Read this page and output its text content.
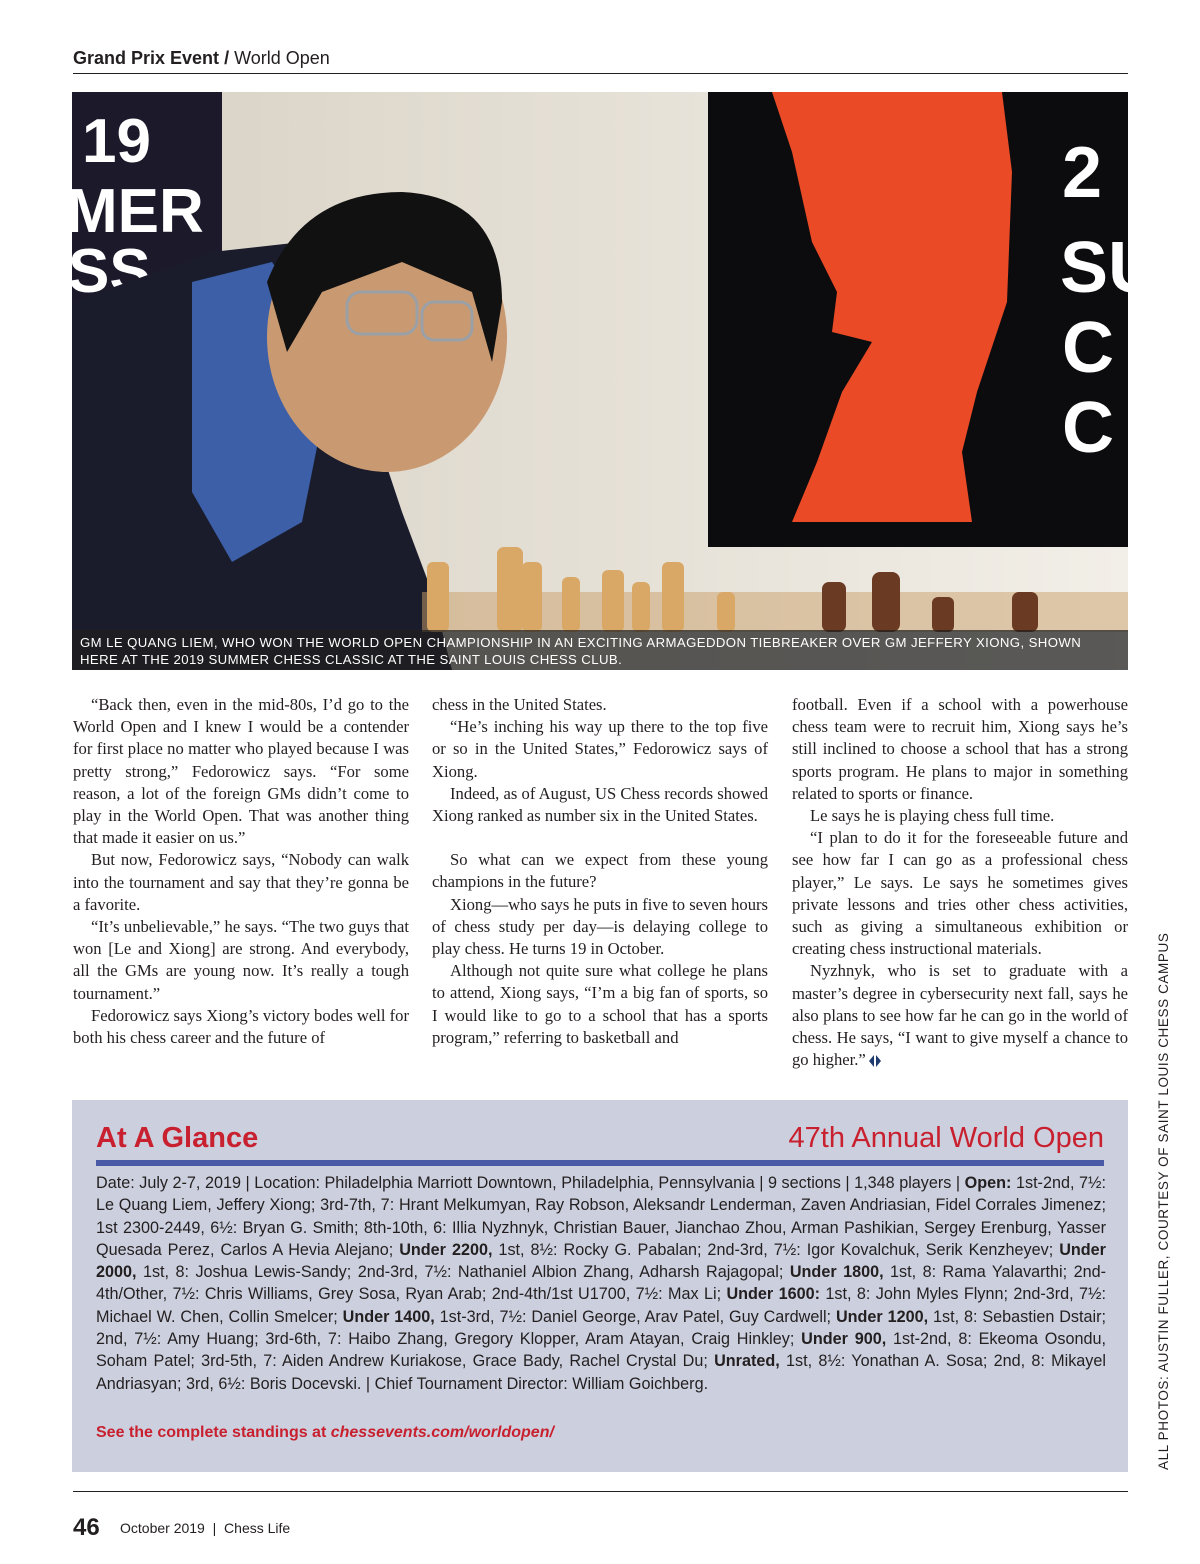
Grand Prix Event / World Open
19
MER
SS
2
SU
C
C
GM LE QUANG LIEM, WHO WON THE WORLD OPEN CHAMPIONSHIP IN AN EXCITING ARMAGEDDON TIEBREAKER OVER GM JEFFERY XIONG, SHOWN HERE AT THE 2019 SUMMER CHESS CLASSIC AT THE SAINT LOUIS CHESS CLUB.

“Back then, even in the mid-80s, I’d go to the World Open and I knew I would be a contender for first place no matter who played because I was pretty strong,” Fedorowicz says. “For some reason, a lot of the foreign GMs didn’t come to play in the World Open. That was another thing that made it easier on us.”

But now, Fedorowicz says, “Nobody can walk into the tournament and say that they’re gonna be a favorite.

“It’s unbelievable,” he says. “The two guys that won [Le and Xiong] are strong. And everybody, all the GMs are young now. It’s really a tough tournament.”

Fedorowicz says Xiong’s victory bodes well for both his chess career and the future of

chess in the United States.

“He’s inching his way up there to the top five or so in the United States,” Fedorowicz says of Xiong.

Indeed, as of August, US Chess records showed Xiong ranked as number six in the United States.

So what can we expect from these young champions in the future?

Xiong—who says he puts in five to seven hours of chess study per day—is delaying college to play chess. He turns 19 in October.

Although not quite sure what college he plans to attend, Xiong says, “I’m a big fan of sports, so I would like to go to a school that has a sports program,” referring to basketball and

football. Even if a school with a powerhouse chess team were to recruit him, Xiong says he’s still inclined to choose a school that has a strong sports program. He plans to major in something related to sports or finance.

Le says he is playing chess full time.

“I plan to do it for the foreseeable future and see how far I can go as a professional chess player,” Le says. Le says he sometimes gives private lessons and tries other chess activities, such as giving a simultaneous exhibition or creating chess instructional materials.

Nyzhnyk, who is set to graduate with a master’s degree in cybersecurity next fall, says he also plans to see how far he can go in the world of chess. He says, “I want to give myself a chance to go higher.”

At A Glance	47th Annual World Open
Date: July 2-7, 2019 | Location: Philadelphia Marriott Downtown, Philadelphia, Pennsylvania | 9 sections | 1,348 players | Open: 1st-2nd, 7½: Le Quang Liem, Jeffery Xiong; 3rd-7th, 7: Hrant Melkumyan, Ray Robson, Aleksandr Lenderman, Zaven Andriasian, Fidel Corrales Jimenez; 1st 2300-2449, 6½: Bryan G. Smith; 8th-10th, 6: Illia Nyzhnyk, Christian Bauer, Jianchao Zhou, Arman Pashikian, Sergey Erenburg, Yasser Quesada Perez, Carlos A Hevia Alejano; Under 2200, 1st, 8½: Rocky G. Pabalan; 2nd-3rd, 7½: Igor Kovalchuk, Serik Kenzheyev; Under 2000, 1st, 8: Joshua Lewis-Sandy; 2nd-3rd, 7½: Nathaniel Albion Zhang, Adharsh Rajagopal; Under 1800, 1st, 8: Rama Yalavarthi; 2nd-4th/Other, 7½: Chris Williams, Grey Sosa, Ryan Arab; 2nd-4th/1st U1700, 7½: Max Li; Under 1600: 1st, 8: John Myles Flynn; 2nd-3rd, 7½: Michael W. Chen, Collin Smelcer; Under 1400, 1st-3rd, 7½: Daniel George, Arav Patel, Guy Cardwell; Under 1200, 1st, 8: Sebastien Dstair; 2nd, 7½: Amy Huang; 3rd-6th, 7: Haibo Zhang, Gregory Klopper, Aram Atayan, Craig Hinkley; Under 900, 1st-2nd, 8: Ekeoma Osondu, Soham Patel; 3rd-5th, 7: Aiden Andrew Kuriakose, Grace Bady, Rachel Crystal Du; Unrated, 1st, 8½: Yonathan A. Sosa; 2nd, 8: Mikayel Andriasyan; 3rd, 6½: Boris Docevski. | Chief Tournament Director: William Goichberg.
See the complete standings at chessevents.com/worldopen/	ALL PHOTOS: AUSTIN FULLER, COURTESY OF SAINT LOUIS CHESS CAMPUS
46 October 2019 | Chess Life
